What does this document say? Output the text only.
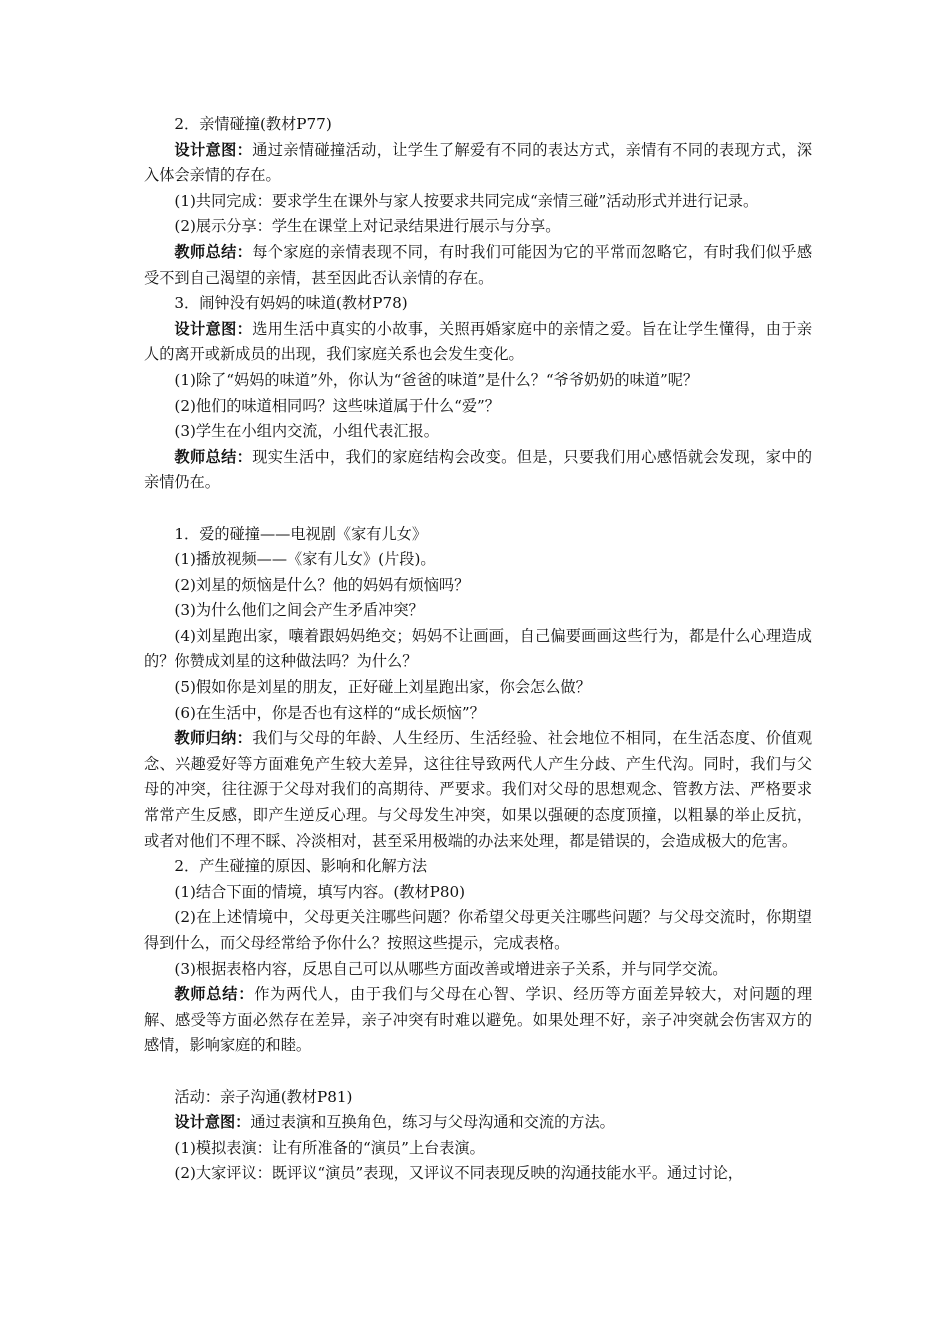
2．亲情碰撞(教材P77)

设计意图：通过亲情碰撞活动，让学生了解爱有不同的表达方式，亲情有不同的表现方式，深入体会亲情的存在。

(1)共同完成：要求学生在课外与家人按要求共同完成“亲情三碰”活动形式并进行记录。

(2)展示分享：学生在课堂上对记录结果进行展示与分享。

教师总结：每个家庭的亲情表现不同，有时我们可能因为它的平常而忽略它，有时我们似乎感受不到自己渴望的亲情，甚至因此否认亲情的存在。

3．闹钟没有妈妈的味道(教材P78)

设计意图：选用生活中真实的小故事，关照再婚家庭中的亲情之爱。旨在让学生懂得，由于亲人的离开或新成员的出现，我们家庭关系也会发生变化。

(1)除了“妈妈的味道”外，你认为“爸爸的味道”是什么？“爷爷奶奶的味道”呢？

(2)他们的味道相同吗？这些味道属于什么“爱”？

(3)学生在小组内交流，小组代表汇报。

教师总结：现实生活中，我们的家庭结构会改变。但是，只要我们用心感悟就会发现，家中的亲情仍在。

1．爱的碰撞——电视剧《家有儿女》

(1)播放视频——《家有儿女》(片段)。

(2)刘星的烦恼是什么？他的妈妈有烦恼吗？

(3)为什么他们之间会产生矛盾冲突？

(4)刘星跑出家，嚷着跟妈妈绝交；妈妈不让画画，自己偏要画画这些行为，都是什么心理造成的？你赞成刘星的这种做法吗？为什么？

(5)假如你是刘星的朋友，正好碰上刘星跑出家，你会怎么做？

(6)在生活中，你是否也有这样的“成长烦恼”？

教师归纳：我们与父母的年龄、人生经历、生活经验、社会地位不相同，在生活态度、价值观念、兴趣爱好等方面难免产生较大差异，这往往导致两代人产生分歧、产生代沟。同时，我们与父母的冲突，往往源于父母对我们的高期待、严要求。我们对父母的思想观念、管教方法、严格要求常常产生反感，即产生逆反心理。与父母发生冲突，如果以强硬的态度顶撞，以粗暴的举止反抗，或者对他们不理不睬、冷淡相对，甚至采用极端的办法来处理，都是错误的，会造成极大的危害。

2．产生碰撞的原因、影响和化解方法

(1)结合下面的情境，填写内容。(教材P80)

(2)在上述情境中，父母更关注哪些问题？你希望父母更关注哪些问题？与父母交流时，你期望得到什么，而父母经常给予你什么？按照这些提示，完成表格。

(3)根据表格内容，反思自己可以从哪些方面改善或增进亲子关系，并与同学交流。

教师总结：作为两代人，由于我们与父母在心智、学识、经历等方面差异较大，对问题的理解、感受等方面必然存在差异，亲子冲突有时难以避免。如果处理不好，亲子冲突就会伤害双方的感情，影响家庭的和睦。

活动：亲子沟通(教材P81)

设计意图：通过表演和互换角色，练习与父母沟通和交流的方法。

(1)模拟表演：让有所准备的“演员”上台表演。

(2)大家评议：既评议“演员”表现，又评议不同表现反映的沟通技能水平。通过讨论，
